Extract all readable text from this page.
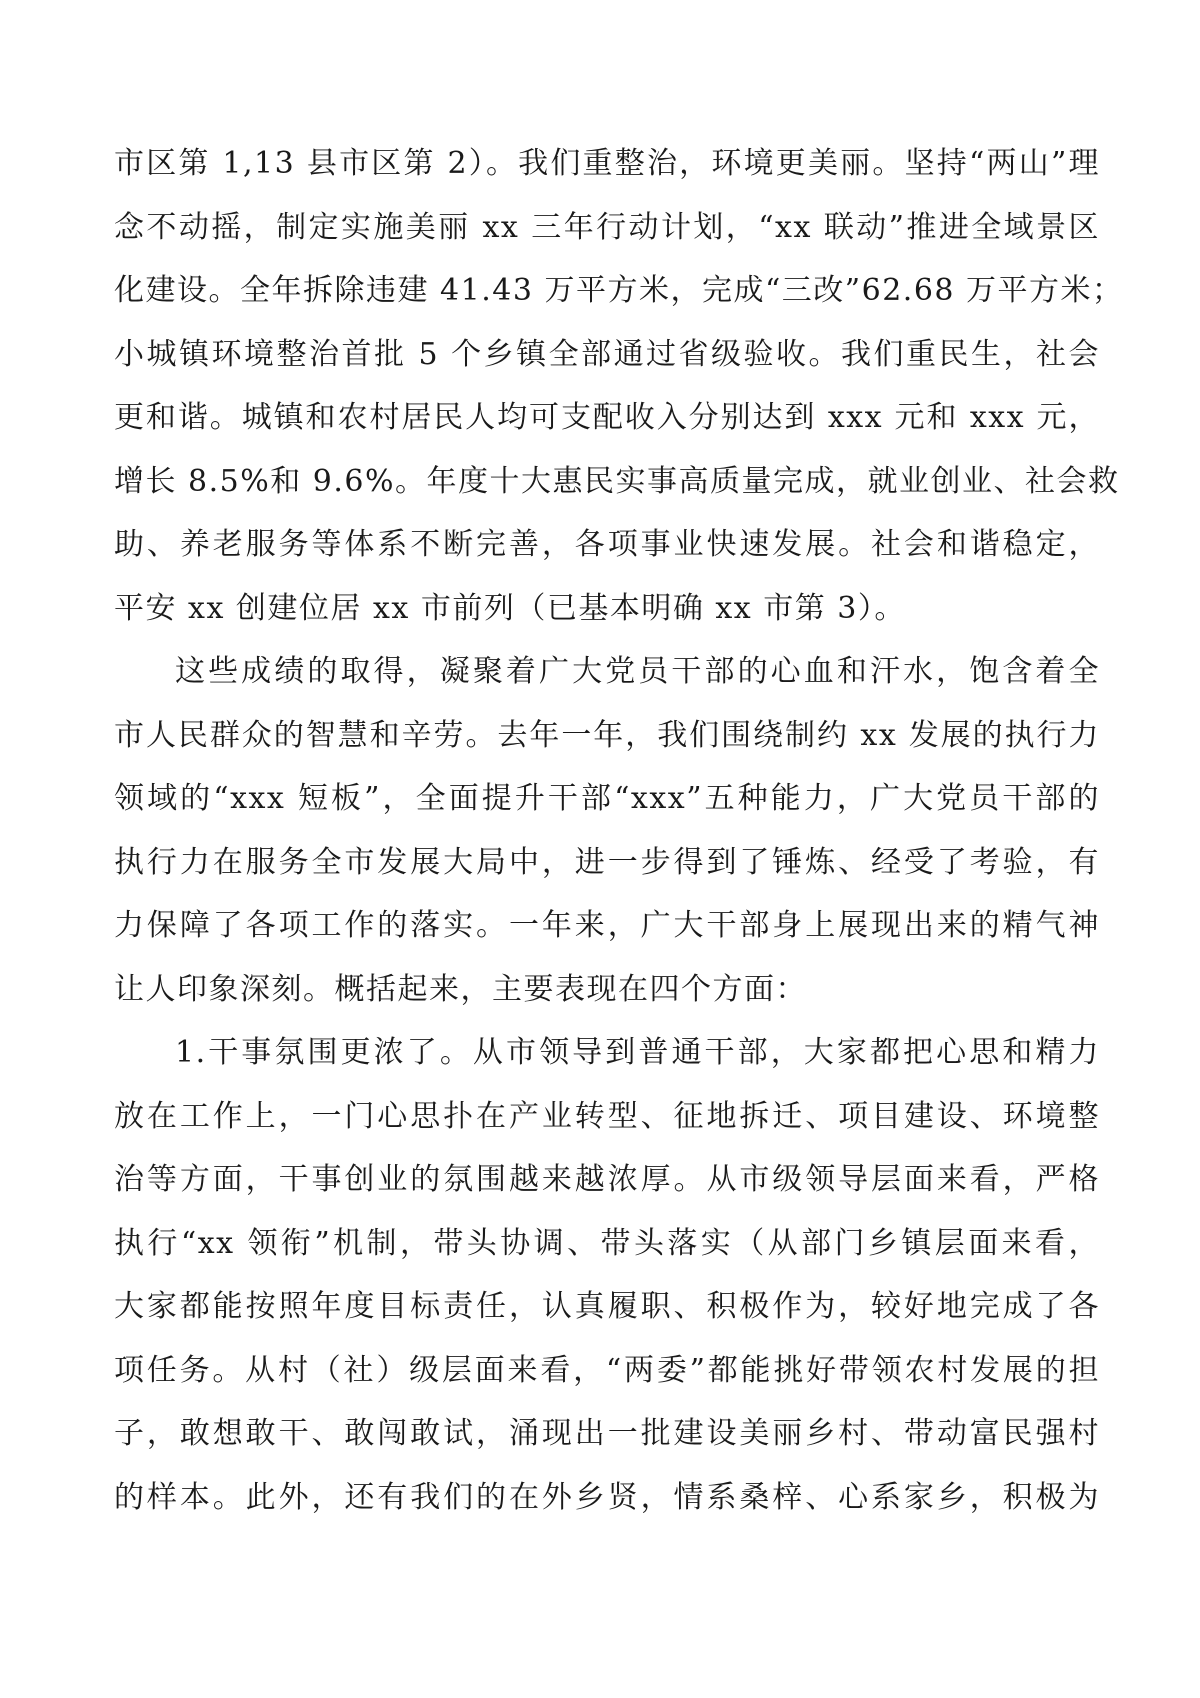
市区第 1,13 县市区第 2）。我们重整治，环境更美丽。坚持“两山”理
念不动摇，制定实施美丽 xx 三年行动计划，“xx 联动”推进全域景区
化建设。全年拆除违建 41.43 万平方米，完成“三改”62.68 万平方米；
小城镇环境整治首批 5 个乡镇全部通过省级验收。我们重民生，社会
更和谐。城镇和农村居民人均可支配收入分别达到 xxx 元和 xxx 元，
增长 8.5%和 9.6%。年度十大惠民实事高质量完成，就业创业、社会救
助、养老服务等体系不断完善，各项事业快速发展。社会和谐稳定，
平安 xx 创建位居 xx 市前列（已基本明确 xx 市第 3）。

这些成绩的取得，凝聚着广大党员干部的心血和汗水，饱含着全
市人民群众的智慧和辛劳。去年一年，我们围绕制约 xx 发展的执行力
领域的“xxx 短板”，全面提升干部“xxx”五种能力，广大党员干部的
执行力在服务全市发展大局中，进一步得到了锤炼、经受了考验，有
力保障了各项工作的落实。一年来，广大干部身上展现出来的精气神
让人印象深刻。概括起来，主要表现在四个方面：

1.干事氛围更浓了。从市领导到普通干部，大家都把心思和精力
放在工作上，一门心思扑在产业转型、征地拆迁、项目建设、环境整
治等方面，干事创业的氛围越来越浓厚。从市级领导层面来看，严格
执行“xx 领衔”机制，带头协调、带头落实（从部门乡镇层面来看，
大家都能按照年度目标责任，认真履职、积极作为，较好地完成了各
项任务。从村（社）级层面来看，“两委”都能挑好带领农村发展的担
子，敢想敢干、敢闯敢试，涌现出一批建设美丽乡村、带动富民强村
的样本。此外，还有我们的在外乡贤，情系桑梓、心系家乡，积极为
